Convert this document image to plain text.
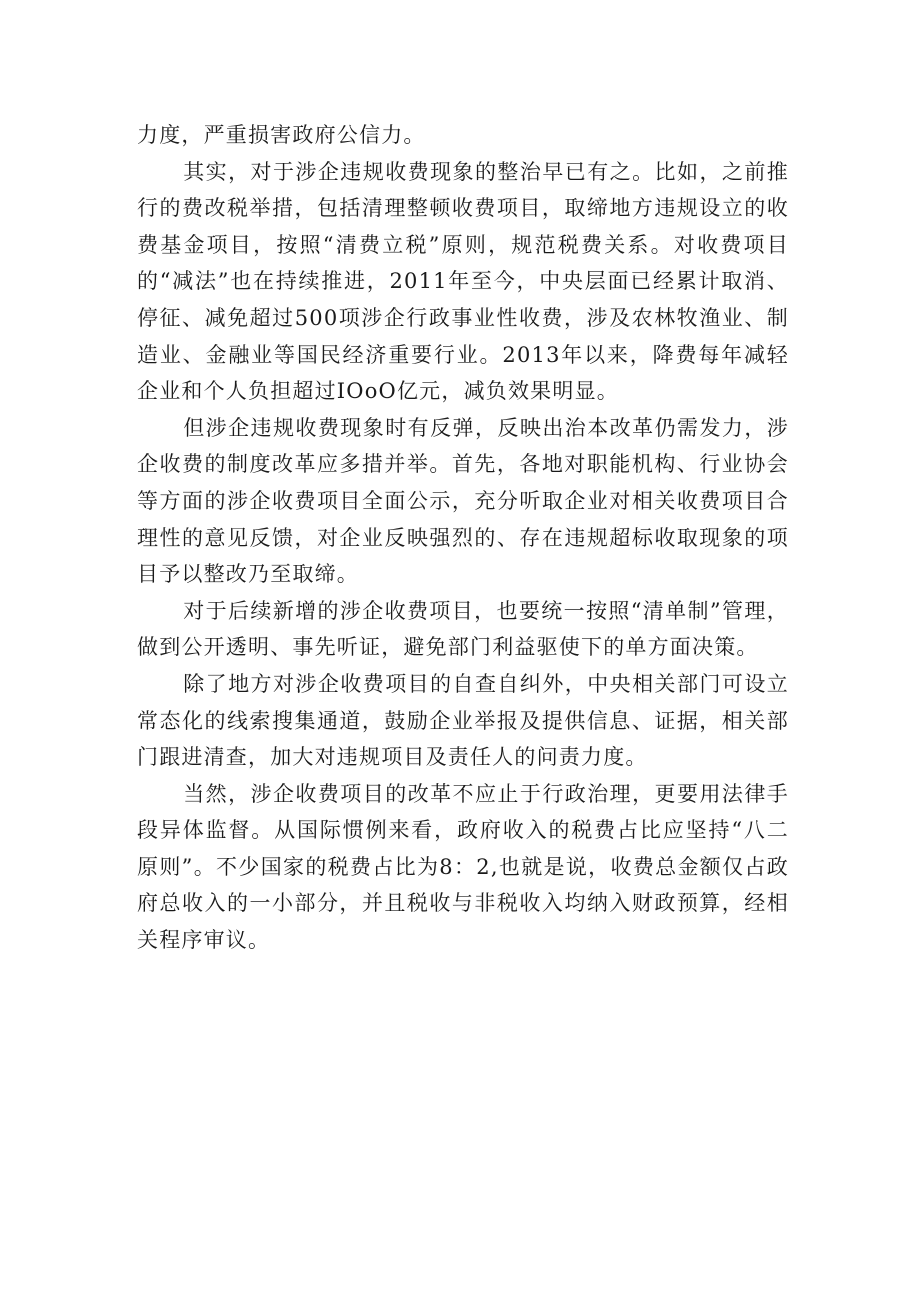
力度，严重损害政府公信力。

其实，对于涉企违规收费现象的整治早已有之。比如，之前推行的费改税举措，包括清理整顿收费项目，取缔地方违规设立的收费基金项目，按照“清费立税”原则，规范税费关系。对收费项目的“减法”也在持续推进，2011年至今，中央层面已经累计取消、停征、减免超过500项涉企行政事业性收费，涉及农林牧渔业、制造业、金融业等国民经济重要行业。2013年以来，降费每年减轻企业和个人负担超过IOoO亿元，减负效果明显。

但涉企违规收费现象时有反弹，反映出治本改革仍需发力，涉企收费的制度改革应多措并举。首先，各地对职能机构、行业协会等方面的涉企收费项目全面公示，充分听取企业对相关收费项目合理性的意见反馈，对企业反映强烈的、存在违规超标收取现象的项目予以整改乃至取缔。

对于后续新增的涉企收费项目，也要统一按照“清单制”管理，做到公开透明、事先听证，避免部门利益驱使下的单方面决策。

除了地方对涉企收费项目的自查自纠外，中央相关部门可设立常态化的线索搜集通道，鼓励企业举报及提供信息、证据，相关部门跟进清查，加大对违规项目及责任人的问责力度。

当然，涉企收费项目的改革不应止于行政治理，更要用法律手段异体监督。从国际惯例来看，政府收入的税费占比应坚持“八二原则”。不少国家的税费占比为8：2,也就是说，收费总金额仅占政府总收入的一小部分，并且税收与非税收入均纳入财政预算，经相关程序审议。
